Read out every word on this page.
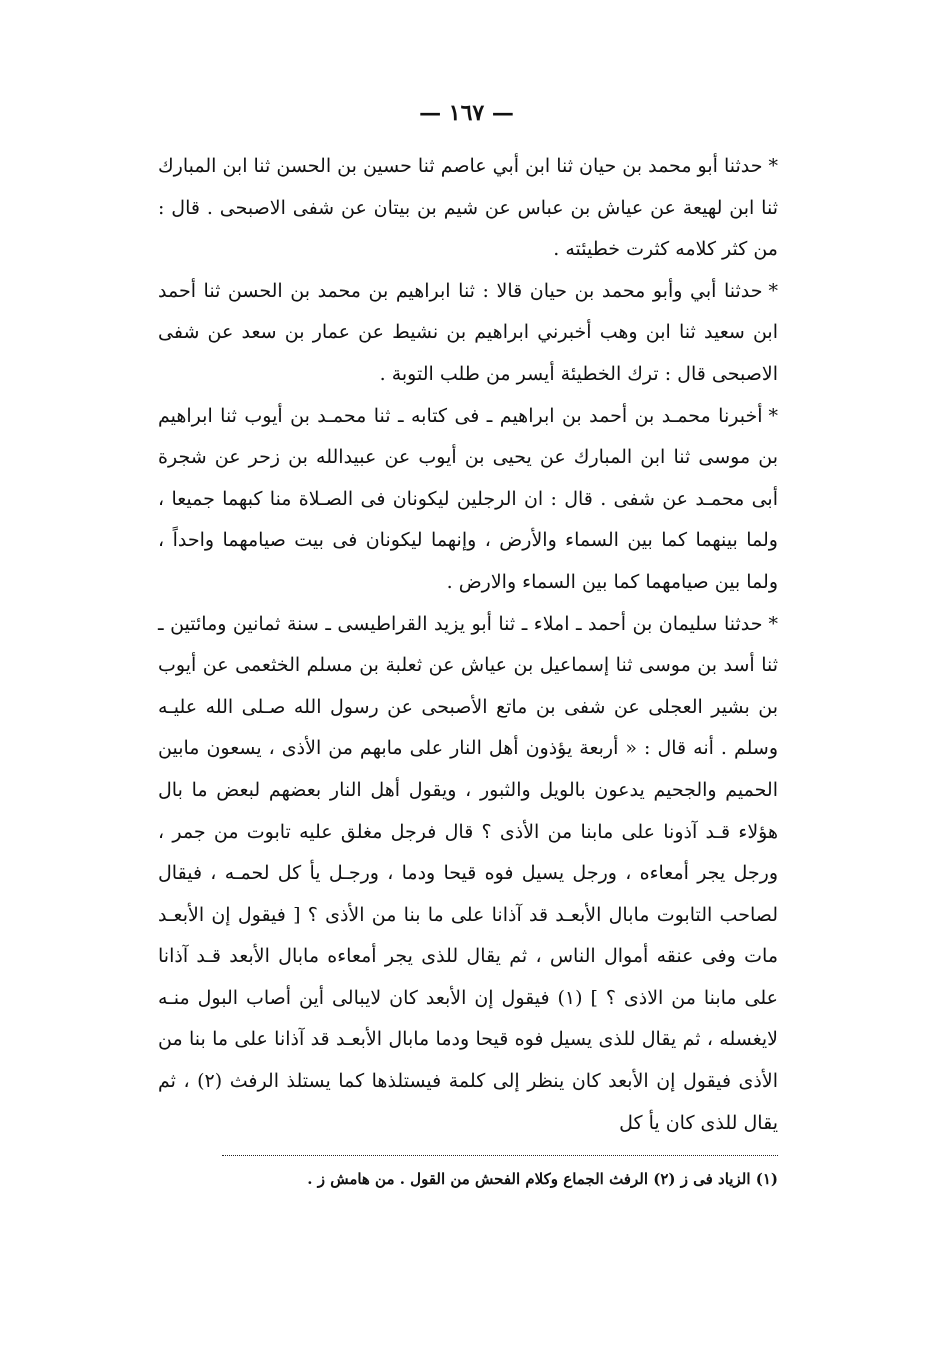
— ١٦٧ —

*حدثنا أبو محمد بن حيان ثنا ابن أبي عاصم ثنا حسين بن الحسن ثنا ابن المبارك ثنا ابن لهيعة عن عياش بن عباس عن شيم بن بيتان عن شفى الاصبحى . قال : من كثر كلامه كثرت خطيئته .

*حدثنا أبي وأبو محمد بن حيان قالا : ثنا ابراهيم بن محمد بن الحسن ثنا أحمد ابن سعيد ثنا ابن وهب أخبرني ابراهيم بن نشيط عن عمار بن سعد عن شفى الاصبحى قال : ترك الخطيئة أيسر من طلب التوبة .

*أخبرنا محمـد بن أحمد بن ابراهيم ـ فى كتابه ـ ثنا محمـد بن أيوب ثنا ابراهيم بن موسى ثنا ابن المبارك عن يحيى بن أيوب عن عبيدالله بن زحر عن شجرة أبى محمـد عن شفى . قال : ان الرجلين ليكونان فى الصـلاة منا كبهما جميعا ، ولما بينهما كما بين السماء والأرض ، وإنهما ليكونان فى بيت صيامهما واحداً ، ولما بين صيامهما كما بين السماء والارض .

*حدثنا سليمان بن أحمد ـ املاء ـ ثنا أبو يزيد القراطيسى ـ سنة ثمانين ومائتين ـ ثنا أسد بن موسى ثنا إسماعيل بن عياش عن ثعلبة بن مسلم الخثعمى عن أيوب بن بشير العجلى عن شفى بن ماتع الأصبحى عن رسول الله صـلى الله عليـه وسلم . أنه قال : « أربعة يؤذون أهل النار على مابهم من الأذى ، يسعون مابين الحميم والجحيم يدعون بالويل والثبور ، ويقول أهل النار بعضهم لبعض ما بال هؤلاء قـد آذونا على مابنا من الأذى ؟ قال فرجل مغلق عليه تابوت من جمر ، ورجل يجر أمعاءه ، ورجل يسيل فوه قيحا ودما ، ورجـل يأ كل لحمـه ، فيقال لصاحب التابوت مابال الأبعـد قد آذانا على ما بنا من الأذى ؟ [ فيقول إن الأبعـد مات وفى عنقه أموال الناس ، ثم يقال للذى يجر أمعاءه مابال الأبعد قـد آذانا على مابنا من الاذى ؟ ] (١) فيقول إن الأبعد كان لايبالى أين أصاب البول منـه لايغسله ، ثم يقال للذى يسيل فوه قيحا ودما مابال الأبعـد قد آذانا على ما بنا من الأذى فيقول إن الأبعد كان ينظر إلى كلمة فيستلذها كما يستلذ الرفث (٢) ، ثم يقال للذى كان يأ كل

(١) الزياد فى ز (٢) الرفث الجماع وكلام الفحش من القول . من هامش ز .
